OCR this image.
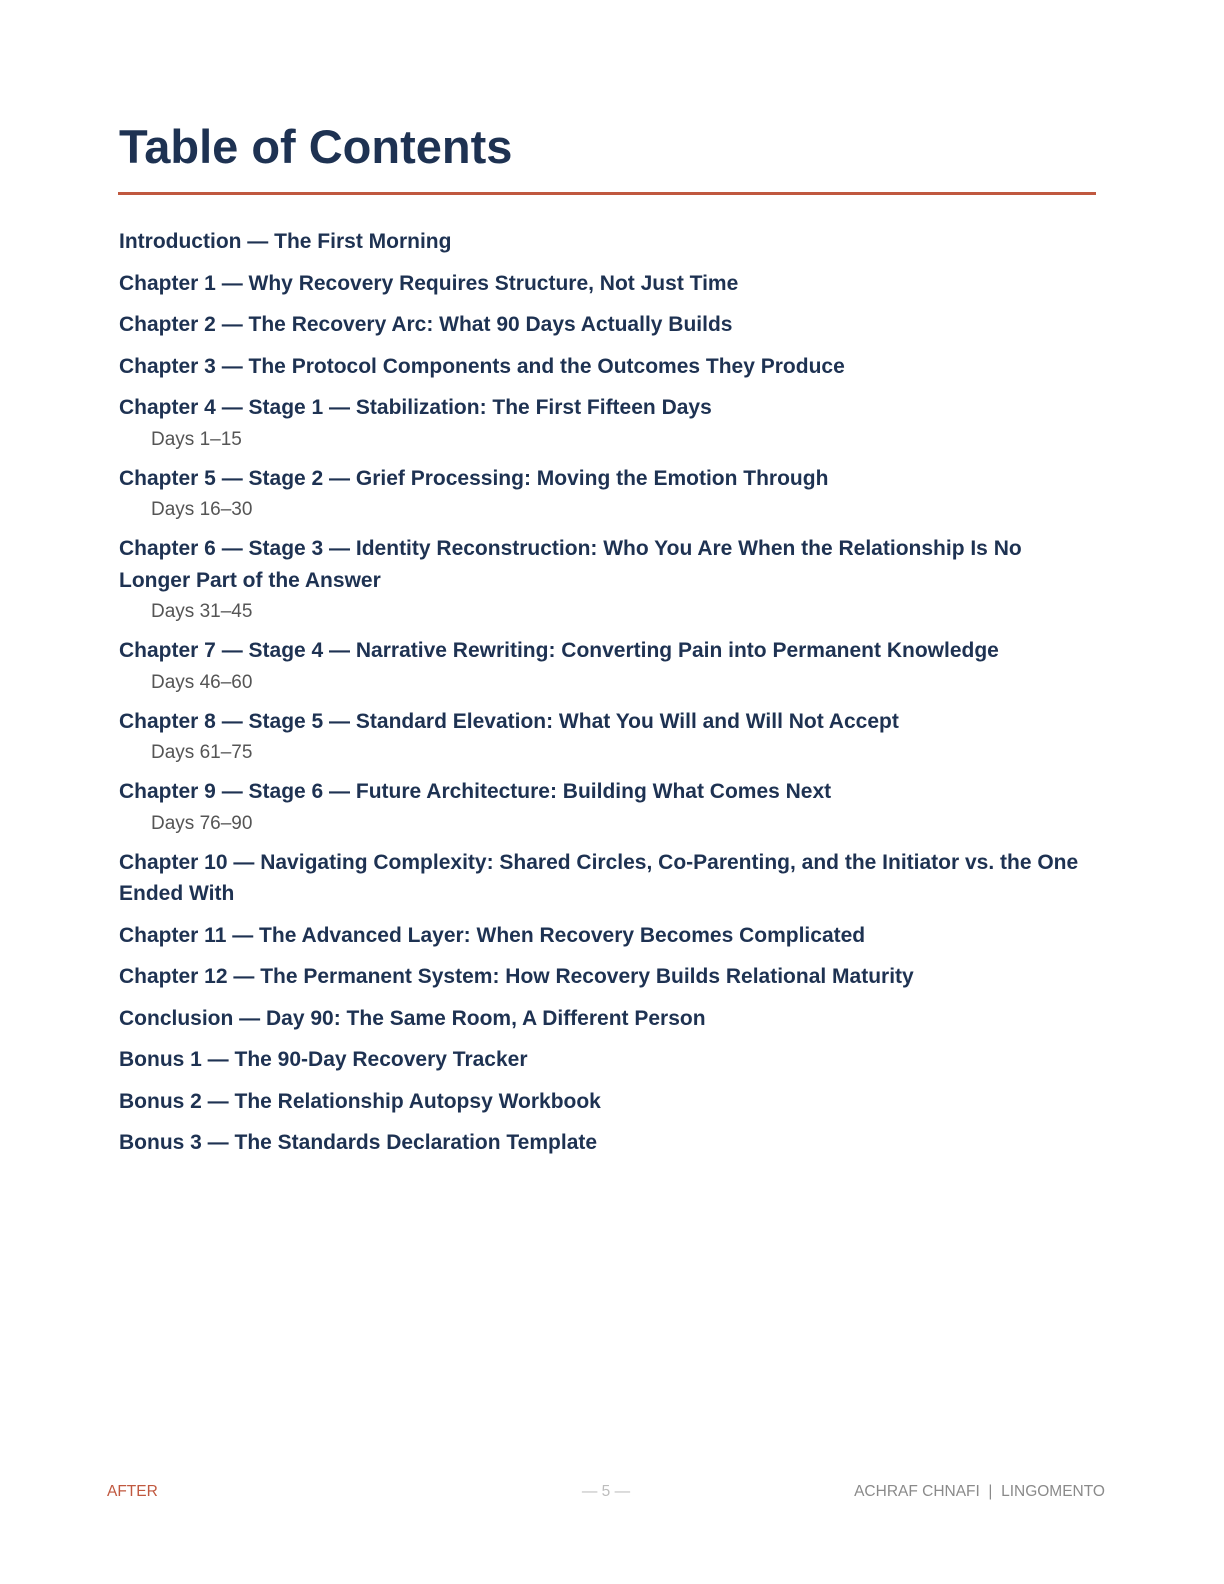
Table of Contents
Introduction — The First Morning
Chapter 1 — Why Recovery Requires Structure, Not Just Time
Chapter 2 — The Recovery Arc: What 90 Days Actually Builds
Chapter 3 — The Protocol Components and the Outcomes They Produce
Chapter 4 — Stage 1 — Stabilization: The First Fifteen Days
Days 1–15
Chapter 5 — Stage 2 — Grief Processing: Moving the Emotion Through
Days 16–30
Chapter 6 — Stage 3 — Identity Reconstruction: Who You Are When the Relationship Is No Longer Part of the Answer
Days 31–45
Chapter 7 — Stage 4 — Narrative Rewriting: Converting Pain into Permanent Knowledge
Days 46–60
Chapter 8 — Stage 5 — Standard Elevation: What You Will and Will Not Accept
Days 61–75
Chapter 9 — Stage 6 — Future Architecture: Building What Comes Next
Days 76–90
Chapter 10 — Navigating Complexity: Shared Circles, Co-Parenting, and the Initiator vs. the One Ended With
Chapter 11 — The Advanced Layer: When Recovery Becomes Complicated
Chapter 12 — The Permanent System: How Recovery Builds Relational Maturity
Conclusion — Day 90: The Same Room, A Different Person
Bonus 1 — The 90-Day Recovery Tracker
Bonus 2 — The Relationship Autopsy Workbook
Bonus 3 — The Standards Declaration Template
AFTER	— 5 —	ACHRAF CHNAFI  |  LINGOMENTO
